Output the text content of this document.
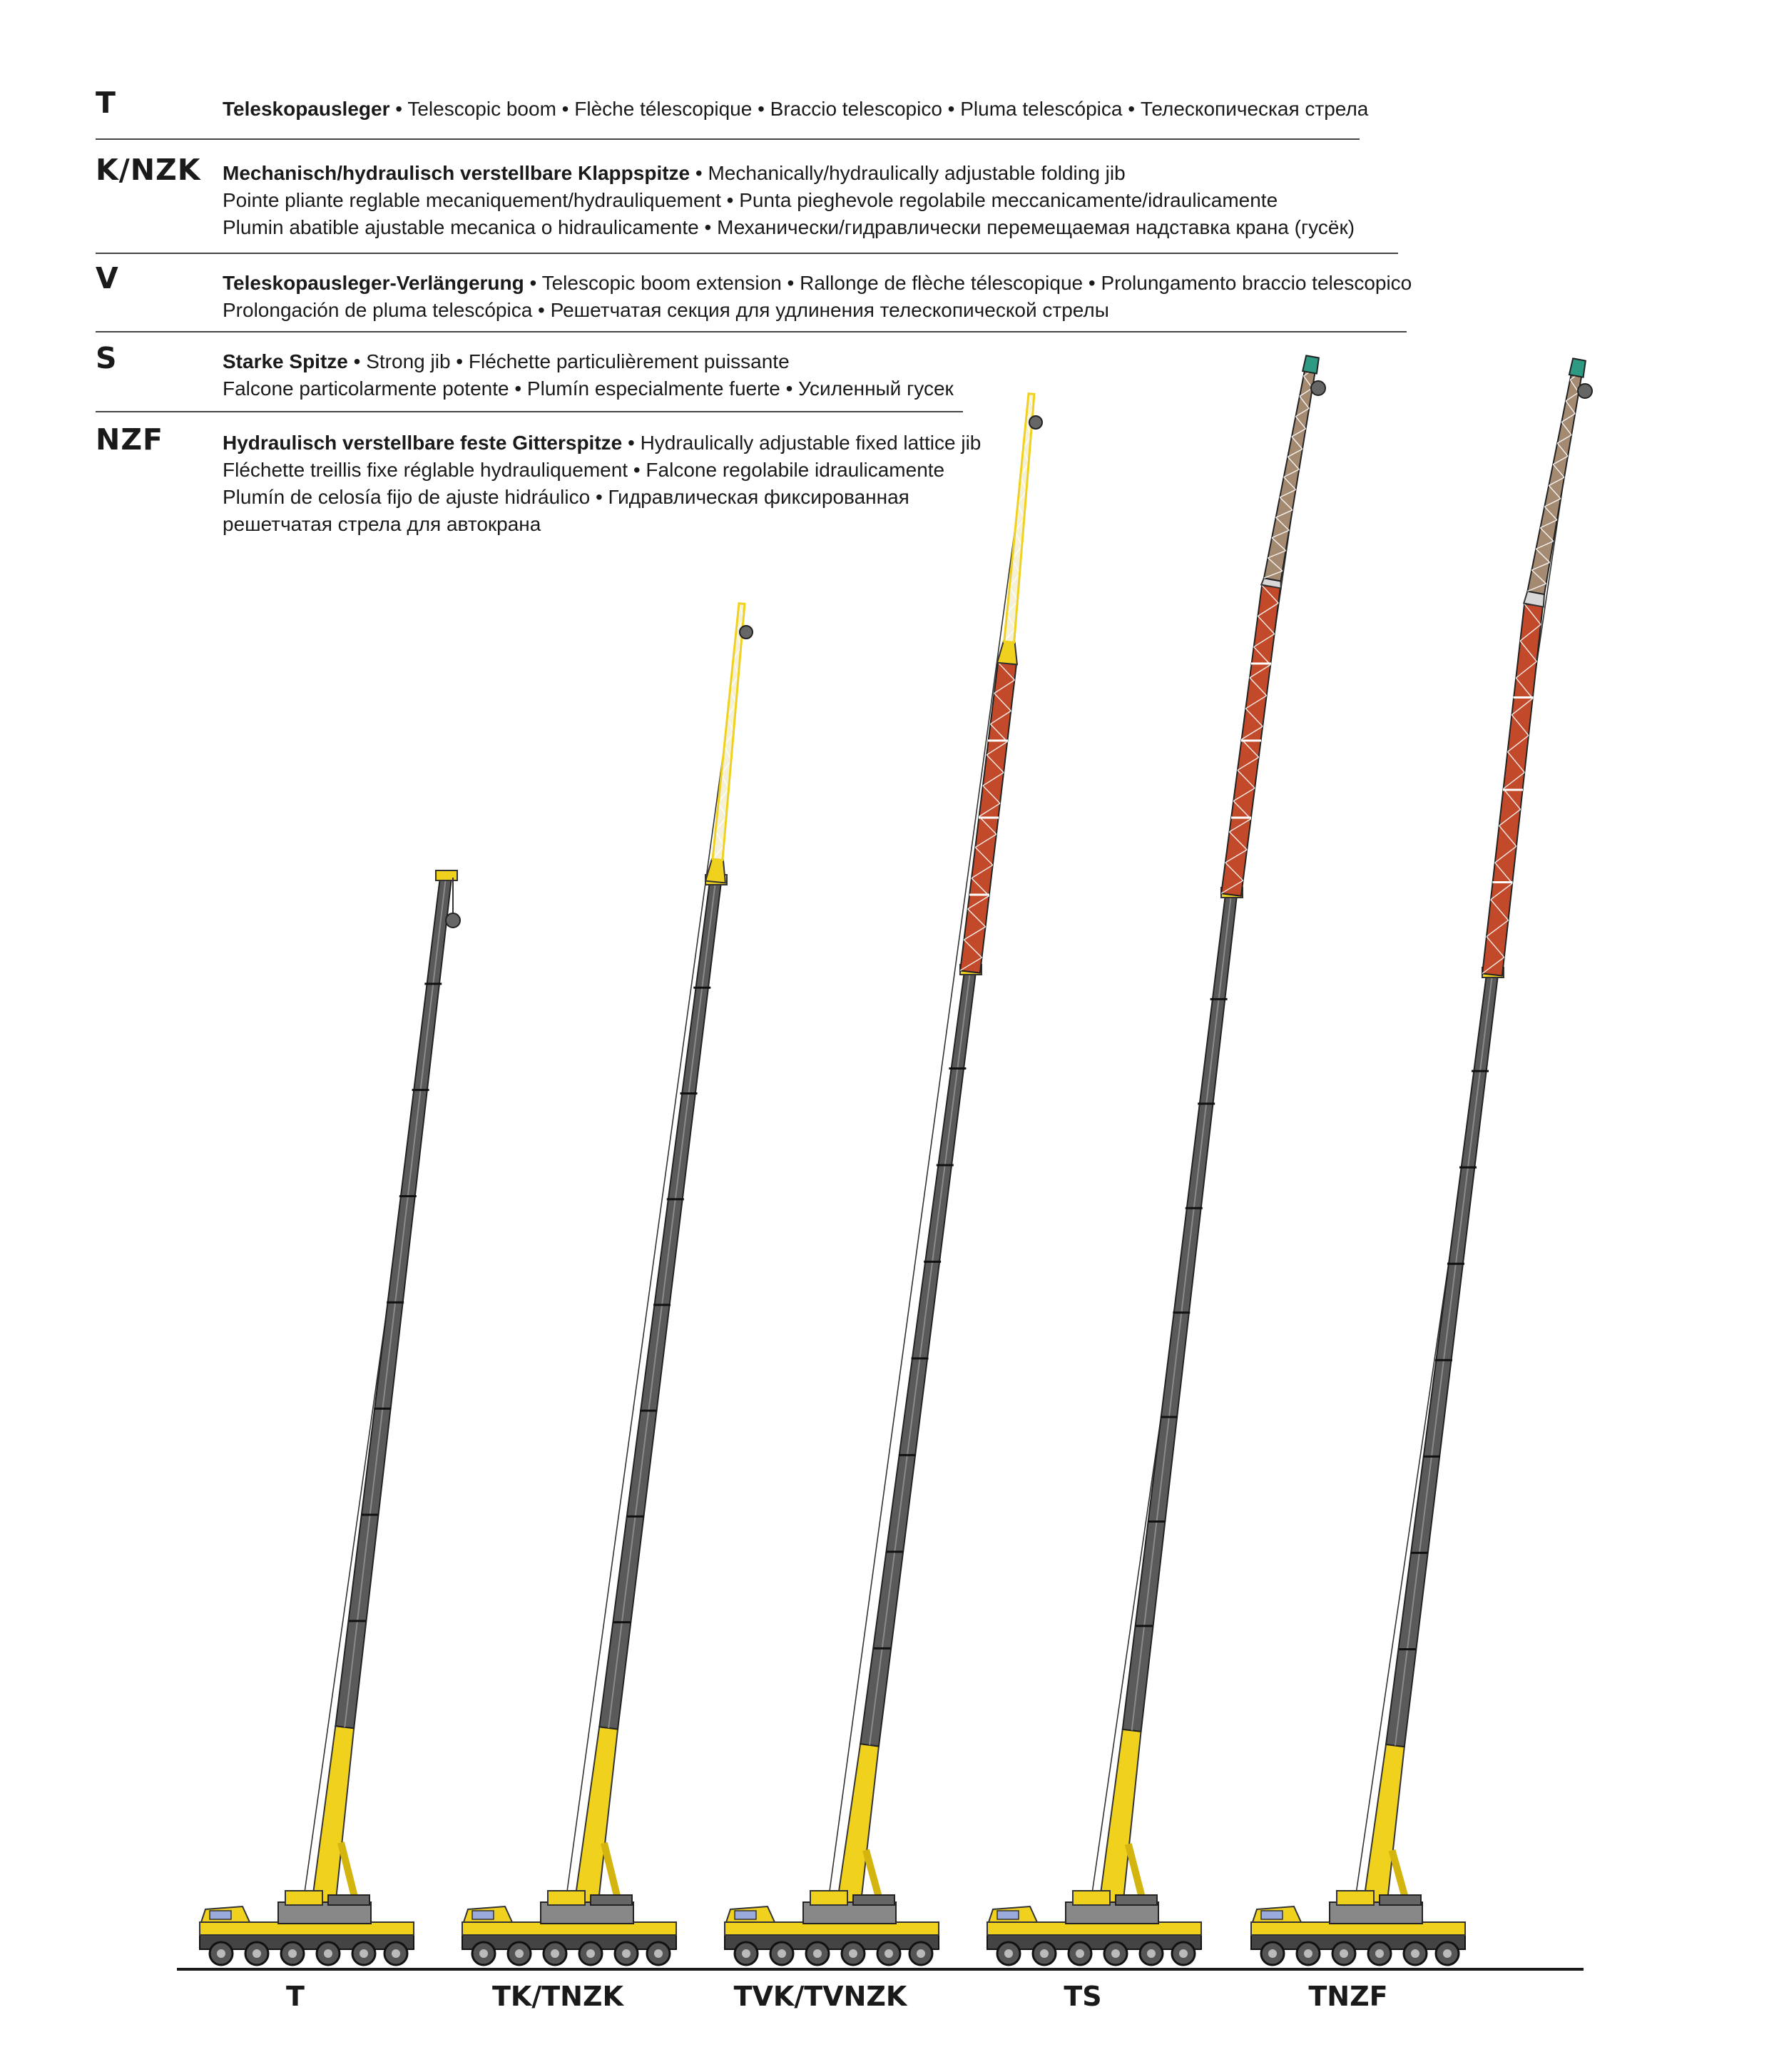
T	Teleskopausleger • Telescopic boom • Flèche télescopique • Braccio telescopico • Pluma telescópica • Телескопическая стрела
K/NZK Mechanisch/hydraulisch verstellbare Klappspitze • Mechanically/hydraulically adjustable folding jib
Pointe pliante reglable mecaniquement/hydrauliquement • Punta pieghevole regolabile meccanicamente/idraulicamente
Plumin abatible ajustable mecanica o hidraulicamente • Механически/гидравлически перемещаемая надставка крана (гусёк)
V	Teleskopausleger-Verlängerung • Telescopic boom extension • Rallonge de flèche télescopique • Prolungamento braccio telescopico
Prolongación de pluma telescópica • Решетчатая секция для удлинения телескопической стрелы
S	Starke Spitze • Strong jib • Fléchette particulièrement puissante
Falcone particolarmente potente • Plumín especialmente fuerte • Усиленный гусек
NZF	Hydraulisch verstellbare feste Gitterspitze • Hydraulically adjustable fixed lattice jib
Fléchette treillis fixe réglable hydrauliquement • Falcone regolabile idraulicamente
Plumín de celosía fijo de ajuste hidráulico • Гидравлическая фиксированная
решетчатая стрела для автокрана
T	TK/TNZK	TVK/TVNZK	TS	TNZF
